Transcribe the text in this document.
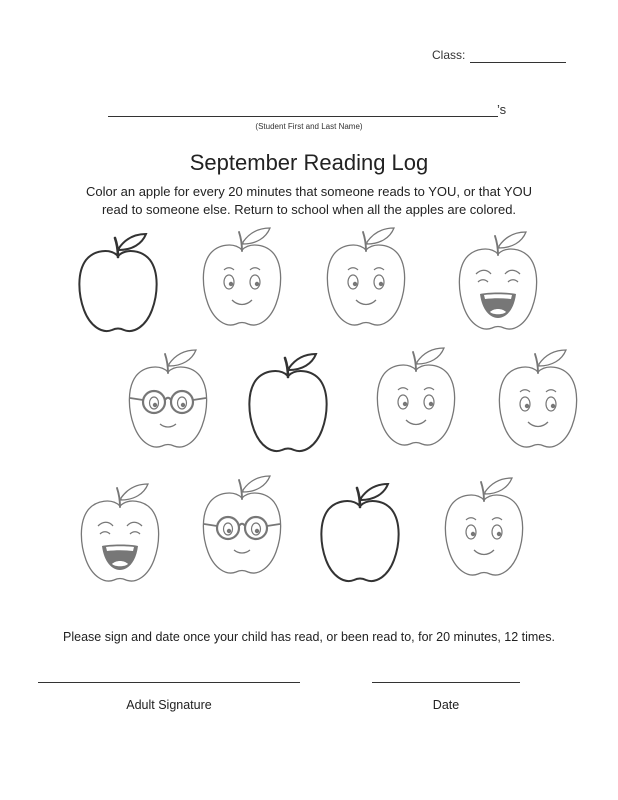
Class:
’s
(Student First and Last Name)
September Reading Log
Color an apple for every 20 minutes that someone reads to YOU, or that YOU
read to someone else. Return to school when all the apples are colored.
Please sign and date once your child has read, or been read to, for 20 minutes, 12 times.
Adult Signature	Date
